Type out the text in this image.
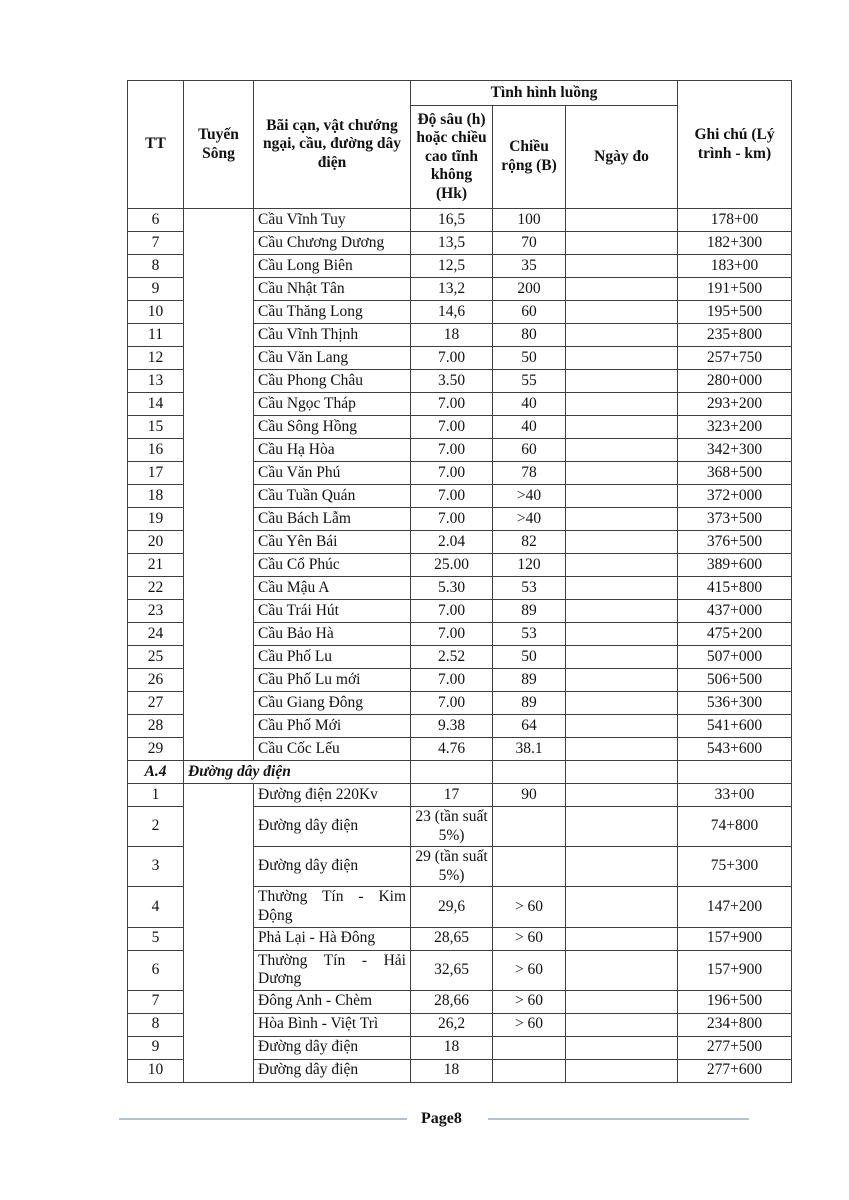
TT	Tuyến Sông	Bãi cạn, vật chướng ngại, cầu, đường dây điện	Tình hình luồng			Ghi chú (Lý trình - km)
			Độ sâu (h) hoặc chiều cao tĩnh không (Hk)	Chiều rộng (B)	Ngày đo	
6		Cầu Vĩnh Tuy	16,5	100		178+00
7		Cầu Chương Dương	13,5	70		182+300
8		Cầu Long Biên	12,5	35		183+00
9		Cầu Nhật Tân	13,2	200		191+500
10		Cầu Thăng Long	14,6	60		195+500
11		Cầu Vĩnh Thịnh	18	80		235+800
12		Cầu Văn Lang	7.00	50		257+750
13		Cầu Phong Châu	3.50	55		280+000
14		Cầu Ngọc Tháp	7.00	40		293+200
15		Cầu Sông Hồng	7.00	40		323+200
16		Cầu Hạ Hòa	7.00	60		342+300
17		Cầu Văn Phú	7.00	78		368+500
18		Cầu Tuần Quán	7.00	>40		372+000
19		Cầu Bách Lẫm	7.00	>40		373+500
20		Cầu Yên Bái	2.04	82		376+500
21		Cầu Cổ Phúc	25.00	120		389+600
22		Cầu Mậu A	5.30	53		415+800
23		Cầu Trái Hút	7.00	89		437+000
24		Cầu Bảo Hà	7.00	53		475+200
25		Cầu Phố Lu	2.52	50		507+000
26		Cầu Phố Lu mới	7.00	89		506+500
27		Cầu Giang Đông	7.00	89		536+300
28		Cầu Phố Mới	9.38	64		541+600
29		Cầu Cốc Lếu	4.76	38.1		543+600
A.4	Đường dây điện					
1		Đường điện 220Kv	17	90		33+00
2		Đường dây điện	23 (tần suất 5%)			74+800
3		Đường dây điện	29 (tần suất 5%)			75+300
4		Thường Tín - Kim Động	29,6	> 60		147+200
5		Phả Lại - Hà Đông	28,65	> 60		157+900
6		Thường Tín - Hải Dương	32,65	> 60		157+900
7		Đông Anh - Chèm	28,66	> 60		196+500
8		Hòa Bình - Việt Trì	26,2	> 60		234+800
9		Đường dây điện	18			277+500
10		Đường dây điện	18			277+600
Page8
